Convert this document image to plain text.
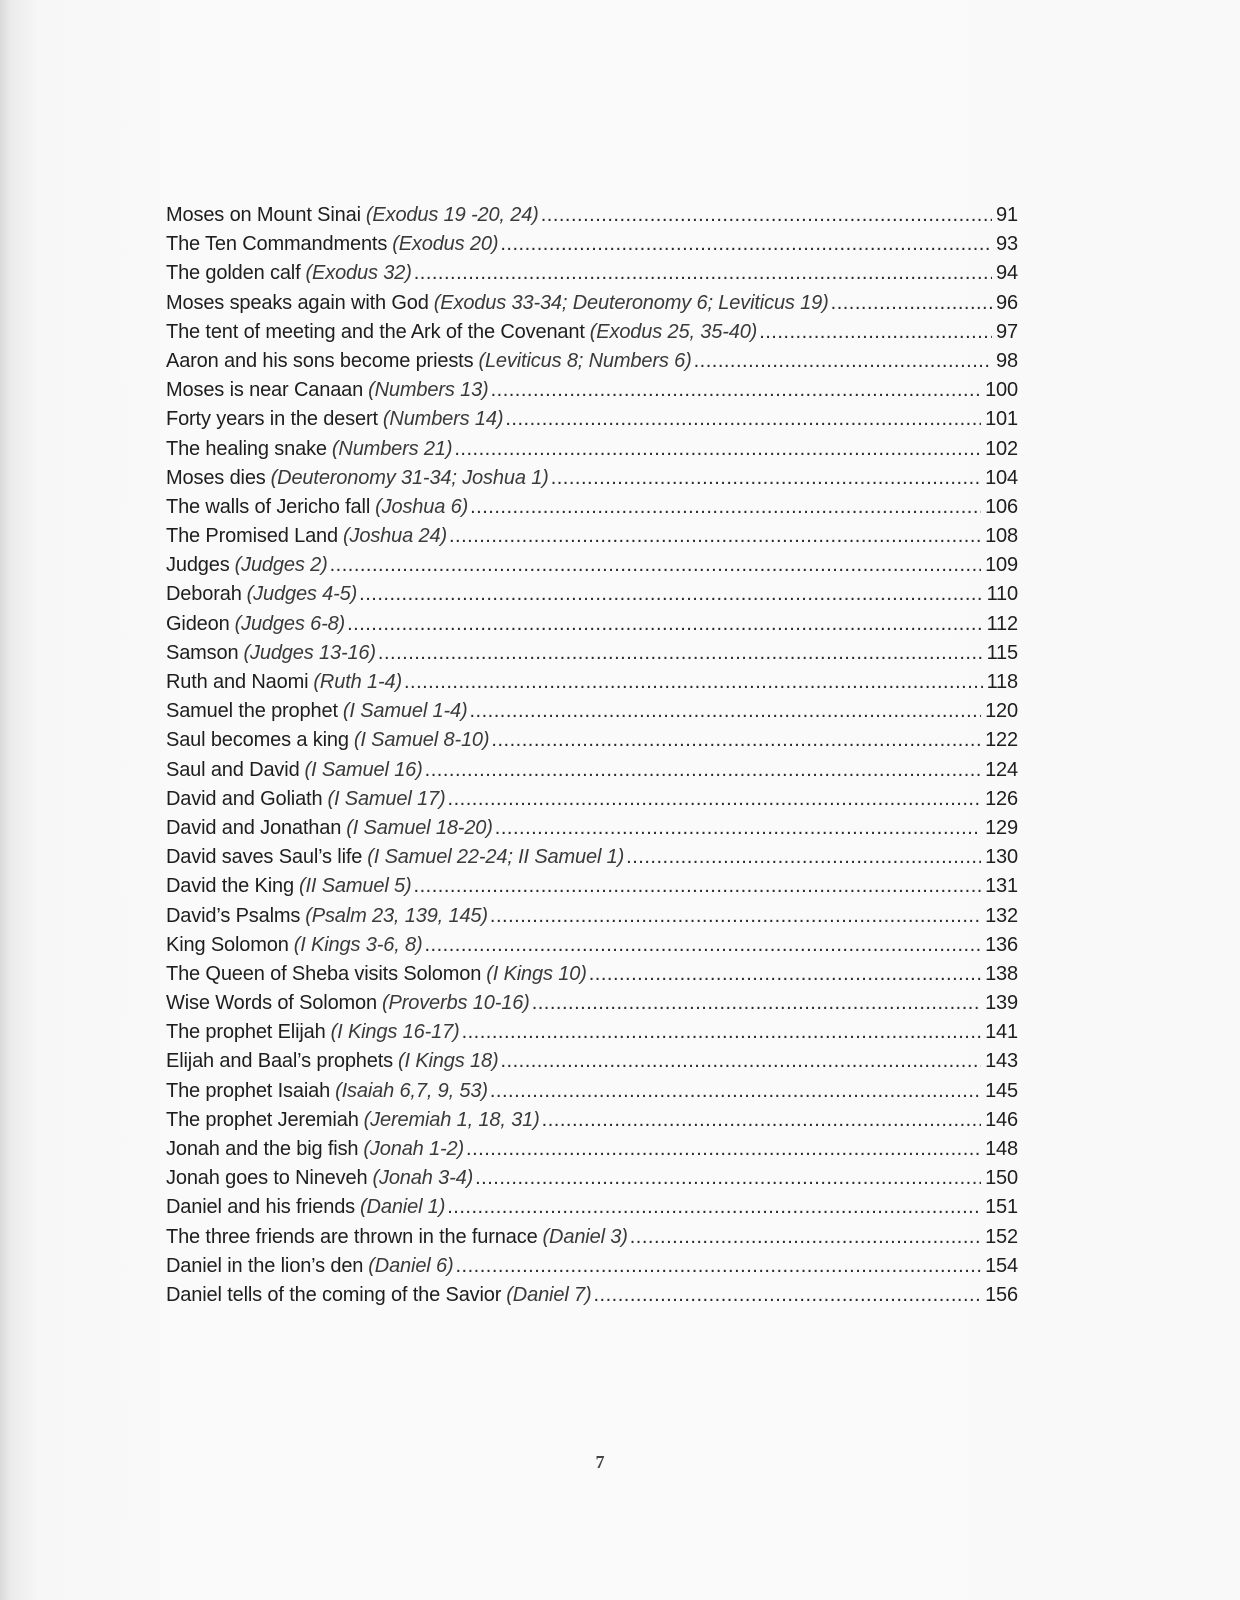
Moses on Mount Sinai (Exodus 19 -20, 24) .....	91
The Ten Commandments (Exodus 20) .....	93
The golden calf (Exodus 32) .....	94
Moses speaks again with God (Exodus 33-34; Deuteronomy 6; Leviticus 19) .....	96
The tent of meeting and the Ark of the Covenant (Exodus 25, 35-40) .....	97
Aaron and his sons become priests (Leviticus 8; Numbers 6) .....	98
Moses is near Canaan (Numbers 13) .....	100
Forty years in the desert (Numbers 14) .....	101
The healing snake (Numbers 21) .....	102
Moses dies (Deuteronomy 31-34; Joshua 1) .....	104
The walls of Jericho fall (Joshua 6) .....	106
The Promised Land (Joshua 24) .....	108
Judges (Judges 2) .....	109
Deborah (Judges 4-5) .....	110
Gideon (Judges 6-8) .....	112
Samson (Judges 13-16) .....	115
Ruth and Naomi (Ruth 1-4) .....	118
Samuel the prophet (I Samuel 1-4) .....	120
Saul becomes a king (I Samuel 8-10) .....	122
Saul and David (I Samuel 16) .....	124
David and Goliath (I Samuel 17) .....	126
David and Jonathan (I Samuel 18-20) .....	129
David saves Saul’s life (I Samuel 22-24; II Samuel 1) .....	130
David the King (II Samuel 5) .....	131
David’s Psalms (Psalm 23, 139, 145) .....	132
King Solomon (I Kings 3-6, 8) .....	136
The Queen of Sheba visits Solomon (I Kings 10) .....	138
Wise Words of Solomon (Proverbs 10-16) .....	139
The prophet Elijah (I Kings 16-17) .....	141
Elijah and Baal’s prophets (I Kings 18) .....	143
The prophet Isaiah (Isaiah 6,7, 9, 53) .....	145
The prophet Jeremiah (Jeremiah 1, 18, 31) .....	146
Jonah and the big fish (Jonah 1-2) .....	148
Jonah goes to Nineveh (Jonah 3-4) .....	150
Daniel and his friends (Daniel 1) .....	151
The three friends are thrown in the furnace (Daniel 3) .....	152
Daniel in the lion’s den (Daniel 6) .....	154
Daniel tells of the coming of the Savior (Daniel 7) .....	156
7
